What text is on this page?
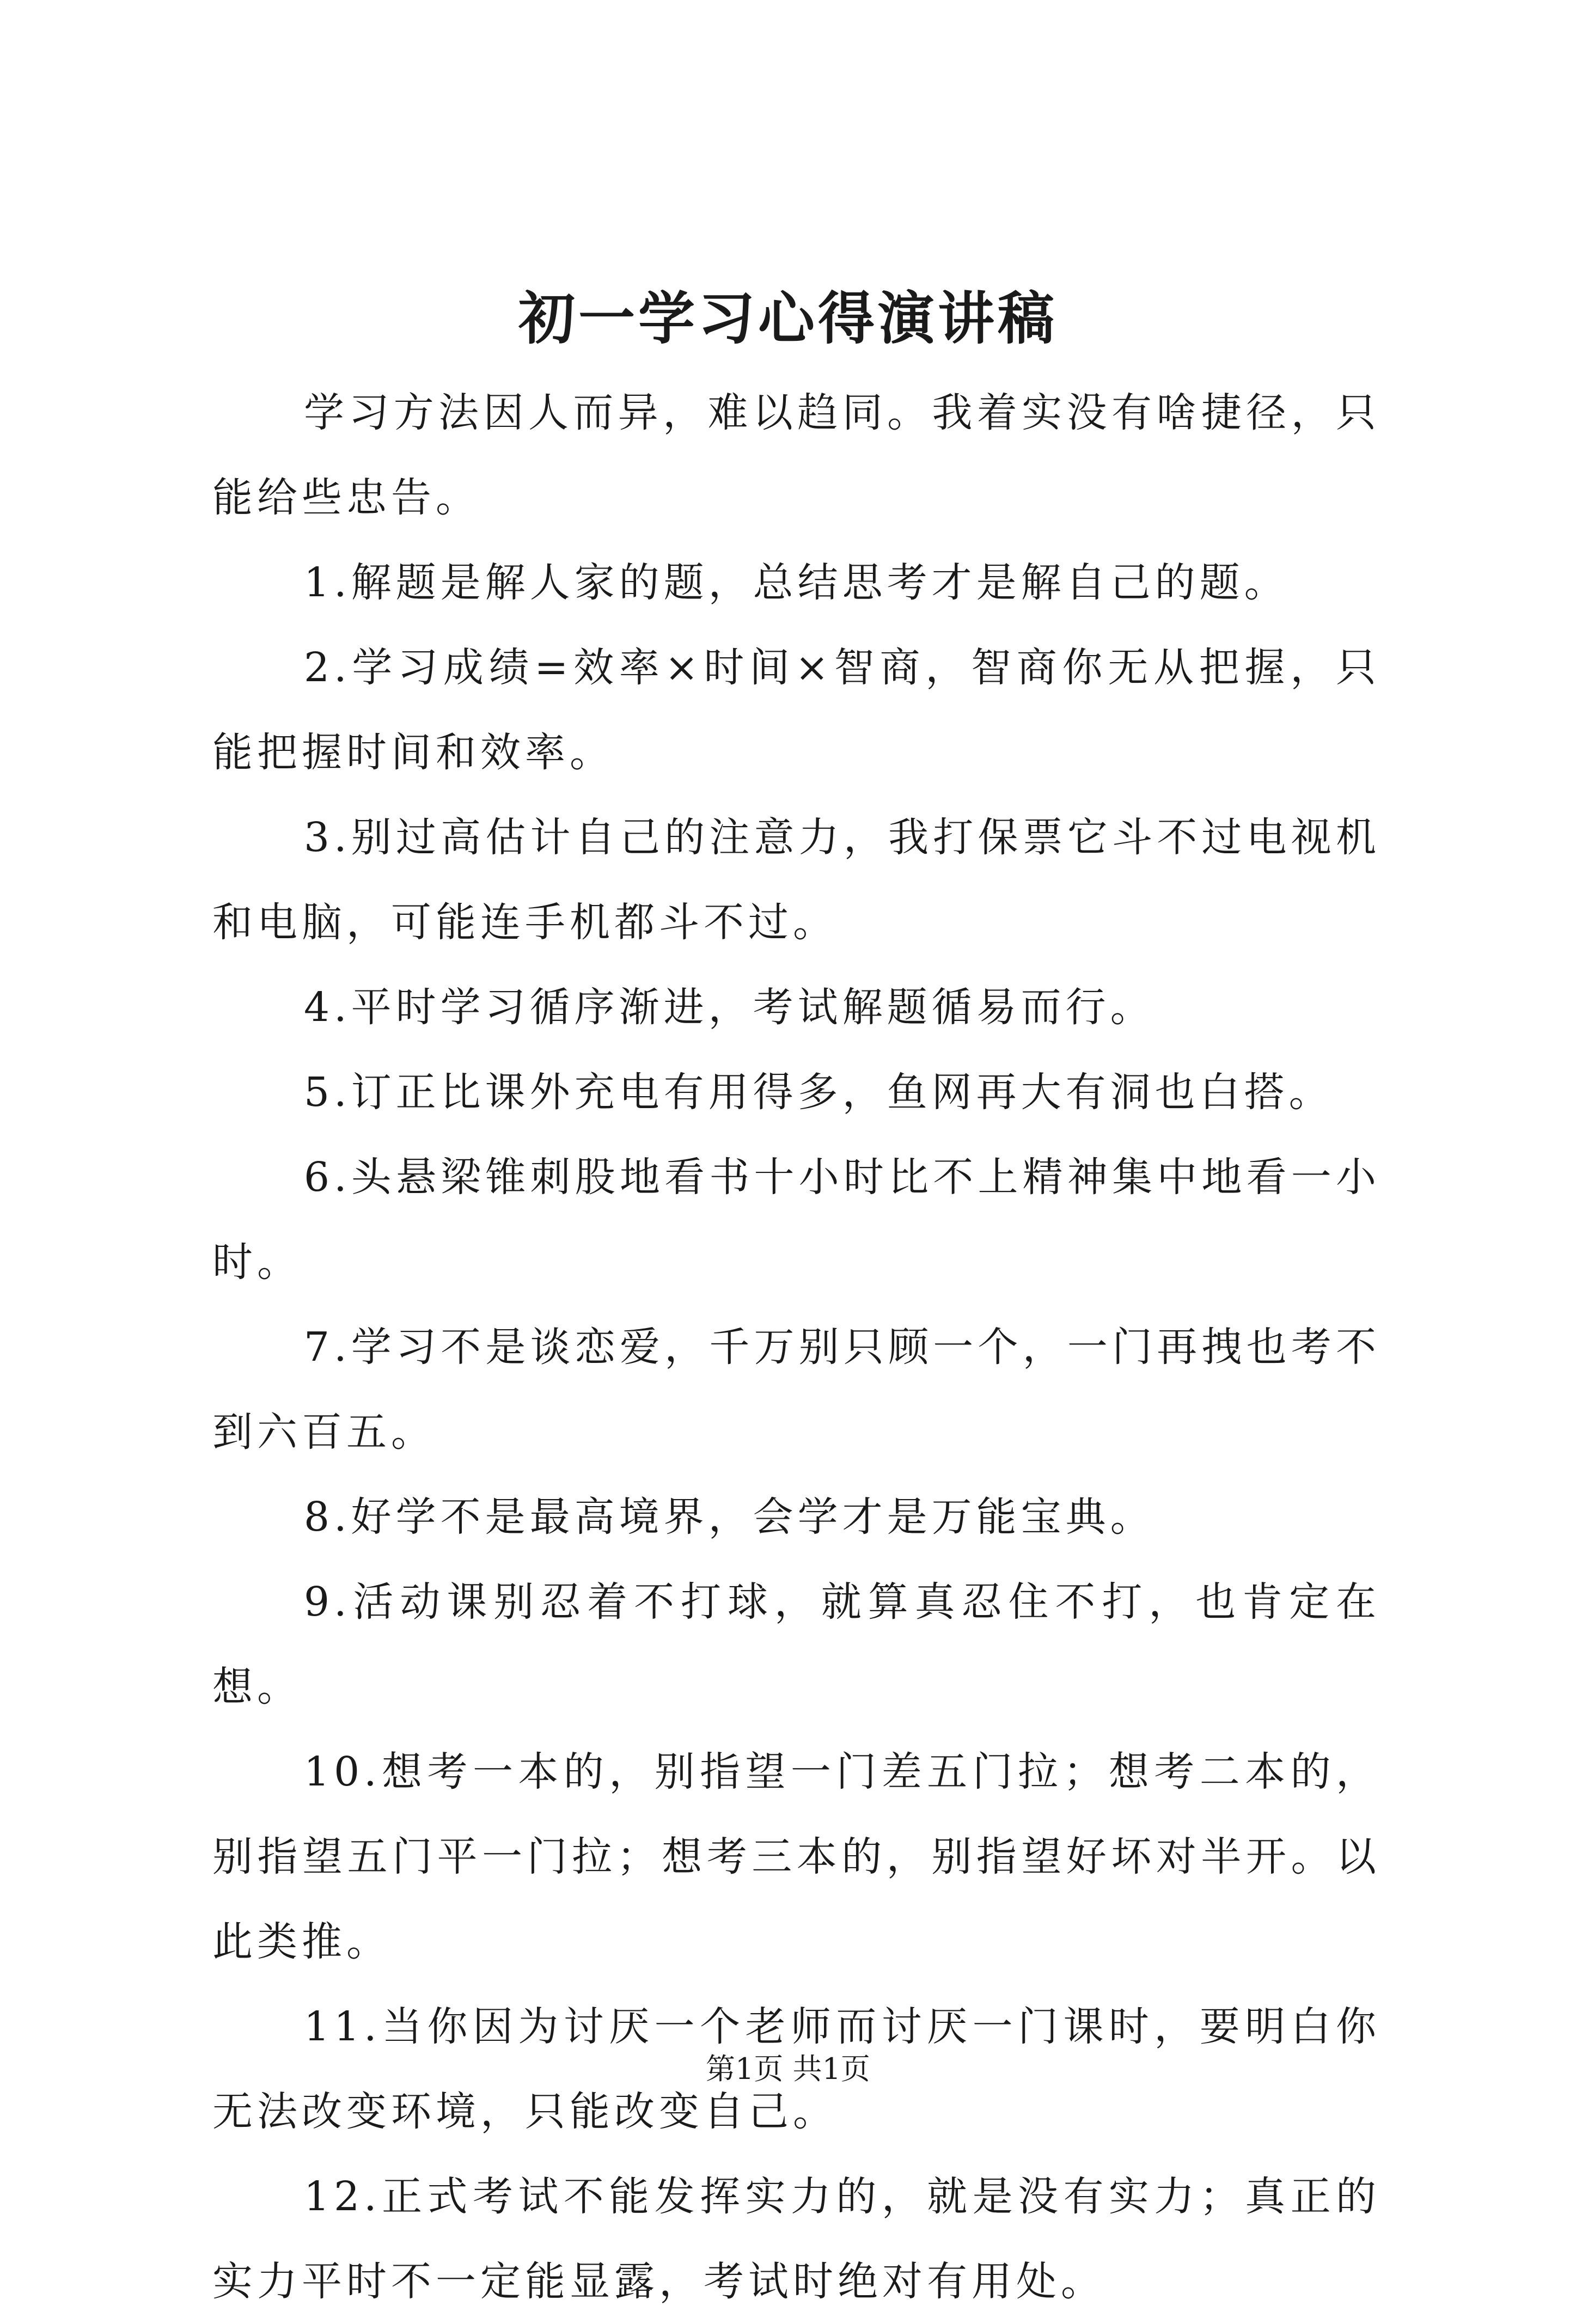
初一学习心得演讲稿

学习方法因人而异，难以趋同。我着实没有啥捷径，只能给些忠告。

1.解题是解人家的题，总结思考才是解自己的题。

2.学习成绩=效率×时间×智商，智商你无从把握，只能把握时间和效率。

3.别过高估计自己的注意力，我打保票它斗不过电视机和电脑，可能连手机都斗不过。

4.平时学习循序渐进，考试解题循易而行。

5.订正比课外充电有用得多，鱼网再大有洞也白搭。

6.头悬梁锥刺股地看书十小时比不上精神集中地看一小时。

7.学习不是谈恋爱，千万别只顾一个，一门再拽也考不到六百五。

8.好学不是最高境界，会学才是万能宝典。

9.活动课别忍着不打球，就算真忍住不打，也肯定在想。

10.想考一本的，别指望一门差五门拉；想考二本的，别指望五门平一门拉；想考三本的，别指望好坏对半开。以此类推。

11.当你因为讨厌一个老师而讨厌一门课时，要明白你无法改变环境，只能改变自己。

12.正式考试不能发挥实力的，就是没有实力；真正的实力平时不一定能显露，考试时绝对有用处。

第1页 共1页
